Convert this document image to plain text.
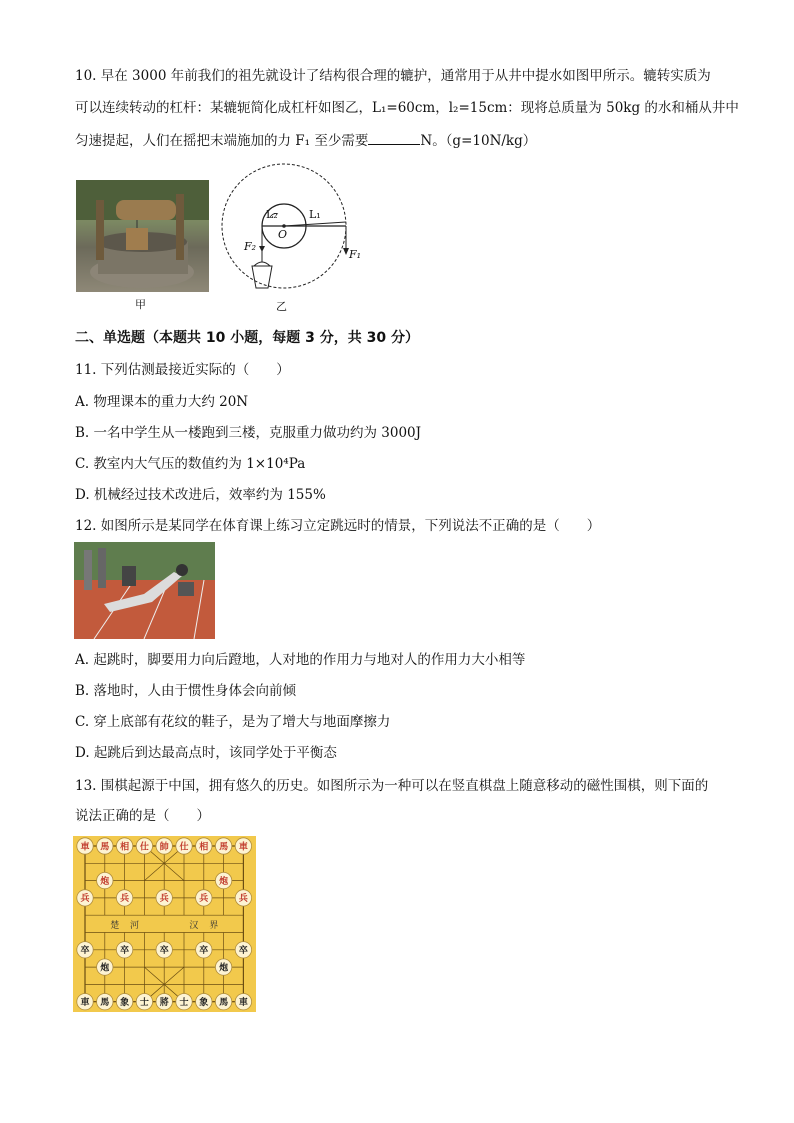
10. 早在 3000 年前我们的祖先就设计了结构很合理的辘护，通常用于从井中提水如图甲所示。辘转实质为
可以连续转动的杠杆：某辘轭简化成杠杆如图乙，L₁=60cm，l₂=15cm：现将总质量为 50kg 的水和桶从井中
匀速提起，人们在摇把末端施加的力 F₁ 至少需要	N。（g=10N/kg）
甲
L₂	L₁
O
F₂
F₁
乙
二、单选题（本题共 10 小题，每题 3 分，共 30 分）
11. 下列估测最接近实际的（　　）
A. 物理课本的重力大约 20N
B. 一名中学生从一楼跑到三楼，克服重力做功约为 3000J
C. 教室内大气压的数值约为 1×10⁴Pa
D. 机械经过技术改进后，效率约为 155%
12. 如图所示是某同学在体育课上练习立定跳远时的情景，下列说法不正确的是（　　）
A. 起跳时，脚要用力向后蹬地，人对地的作用力与地对人的作用力大小相等
B. 落地时，人由于惯性身体会向前倾
C. 穿上底部有花纹的鞋子，是为了增大与地面摩擦力
D. 起跳后到达最高点时，该同学处于平衡态
13. 围棋起源于中国，拥有悠久的历史。如图所示为一种可以在竖直棋盘上随意移动的磁性围棋，则下面的
说法正确的是（　　）
楚 河	汉 界
車 馬 相 仕 帥 仕 相 馬 車
炮	炮
兵	兵	兵	兵	兵
卒	卒	卒	卒	卒
炮	炮
車 馬 象 士 將 士 象 馬 車
